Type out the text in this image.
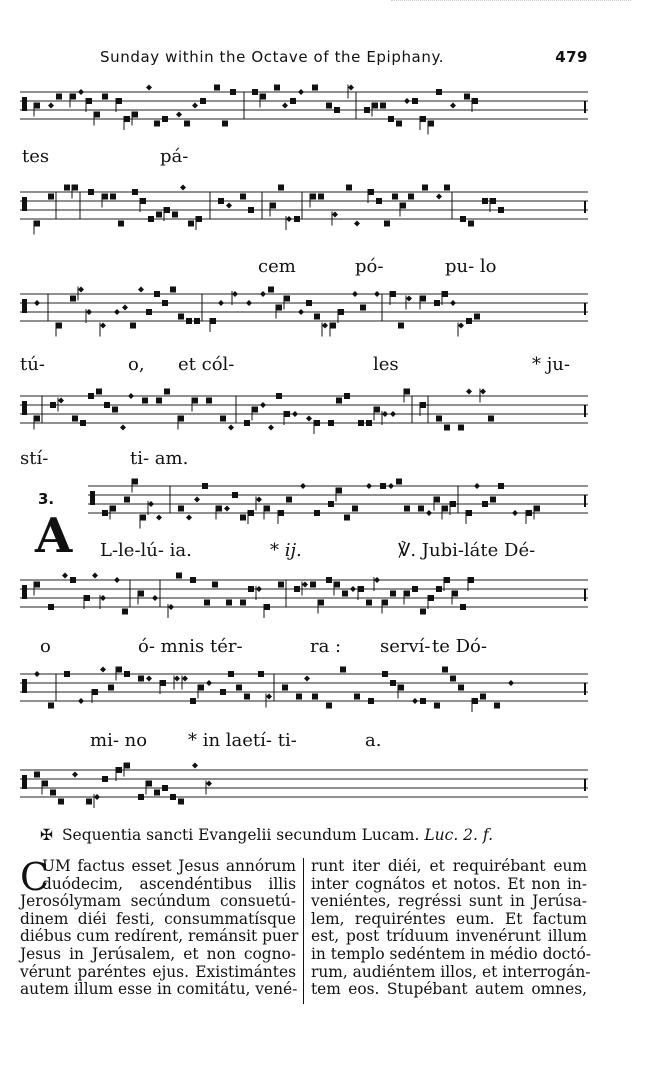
Sunday within the Octave of the Epiphany.	479
tes	pá-
cem	pó-	pu- lo
tú-	o, et cól-	les	* ju-
stí-	ti- am.
3.
A L-le-lú- ia.	* ij.	℣. Jubi-láte Dé-
o	ó- mnis tér-	ra : serví- te Dó-
mi- no * in laetí- ti-	a.
✠ Sequentia sancti Evangelii secundum Lucam. Luc. 2. f.
C
UM factus esset Jesus annórum
duódecim, ascendéntibus illis
Jerosólymam secúndum consuetú-
dinem diéi festi, consummatísque
diébus cum redírent, remánsit puer
Jesus in Jerúsalem, et non cogno-
vérunt paréntes ejus. Existimántes
autem illum esse in comitátu, vené-
runt iter diéi, et requirébant eum
inter cognátos et notos. Et non in-
veniéntes, regréssi sunt in Jerúsa-
lem, requiréntes eum. Et factum
est, post tríduum invenérunt illum
in templo sedéntem in médio doctó-
rum, audiéntem illos, et interrogán-
tem eos. Stupébant autem omnes,
